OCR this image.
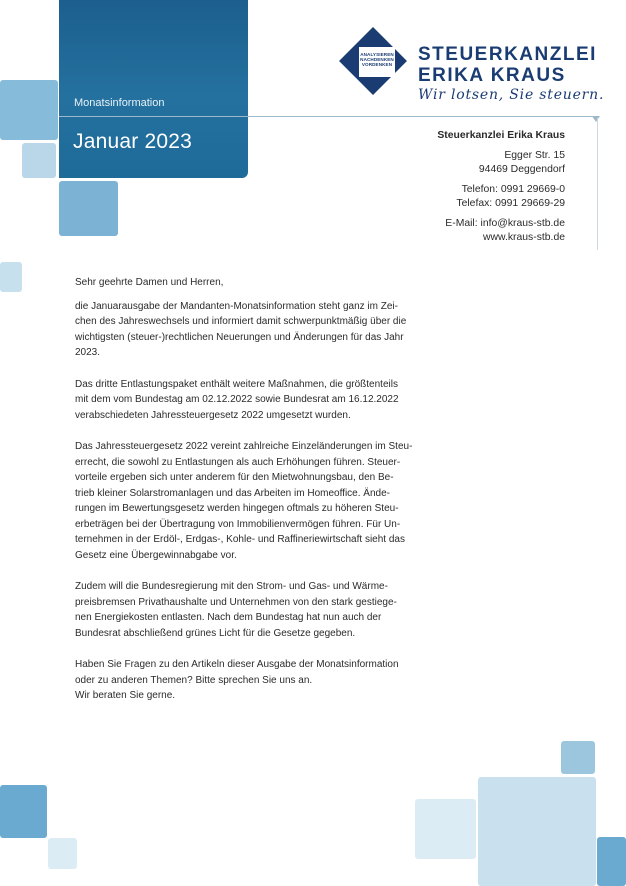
Monatsinformation
Januar 2023
ANALYSIEREN
NACHDENKEN
VORDENKEN	STEUERKANZLEI
ERIKA KRAUS
Wir lotsen, Sie steuern.
Steuerkanzlei Erika Kraus
Egger Str. 15
94469 Deggendorf
Telefon: 0991 29669-0
Telefax: 0991 29669-29
E-Mail: info@kraus-stb.de
www.kraus-stb.de

Sehr geehrte Damen und Herren,

die Januarausgabe der Mandanten-Monatsinformation steht ganz im Zei-
chen des Jahreswechsels und informiert damit schwerpunktmäßig über die
wichtigsten (steuer-)rechtlichen Neuerungen und Änderungen für das Jahr
2023.

Das dritte Entlastungspaket enthält weitere Maßnahmen, die größtenteils
mit dem vom Bundestag am 02.12.2022 sowie Bundesrat am 16.12.2022
verabschiedeten Jahressteuergesetz 2022 umgesetzt wurden.

Das Jahressteuergesetz 2022 vereint zahlreiche Einzeländerungen im Steu-
errecht, die sowohl zu Entlastungen als auch Erhöhungen führen. Steuer-
vorteile ergeben sich unter anderem für den Mietwohnungsbau, den Be-
trieb kleiner Solarstromanlagen und das Arbeiten im Homeoffice. Ände-
rungen im Bewertungsgesetz werden hingegen oftmals zu höheren Steu-
erbeträgen bei der Übertragung von Immobilienvermögen führen. Für Un-
ternehmen in der Erdöl-, Erdgas-, Kohle- und Raffineriewirtschaft sieht das
Gesetz eine Übergewinnabgabe vor.

Zudem will die Bundesregierung mit den Strom- und Gas- und Wärme-
preisbremsen Privathaushalte und Unternehmen von den stark gestiege-
nen Energiekosten entlasten. Nach dem Bundestag hat nun auch der
Bundesrat abschließend grünes Licht für die Gesetze gegeben.

Haben Sie Fragen zu den Artikeln dieser Ausgabe der Monatsinformation
oder zu anderen Themen? Bitte sprechen Sie uns an.

Wir beraten Sie gerne.
